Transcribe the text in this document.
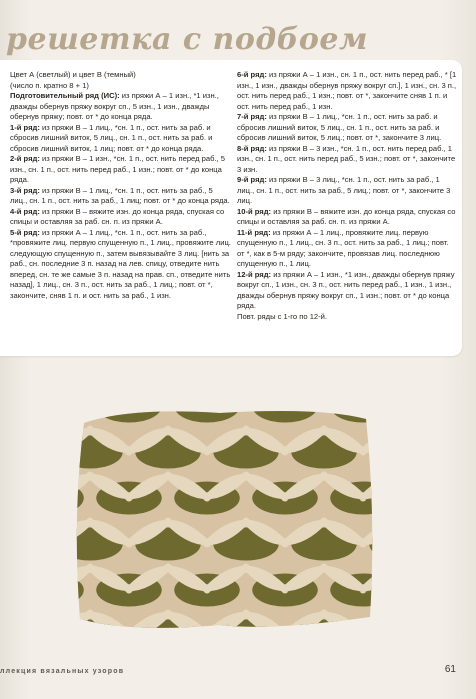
решетка с подбоем

Цвет А (светлый) и цвет В (темный)

(число п. кратно 8 + 1)

Подготовительный ряд (ИС): из пряжи А – 1 изн., *1 изн., дважды обернув пряжу вокруг сп., 5 изн., 1 изн., дважды обернув пряжу; повт. от * до конца ряда.

1-й ряд: из пряжи В – 1 лиц., *сн. 1 п., ост. нить за раб. и сбросив лишний виток, 5 лиц., сн. 1 п., ост. нить за раб. и сбросив лишний виток, 1 лиц; повт. от * до конца ряда.

2-й ряд: из пряжи В – 1 изн., *сн. 1 п., ост. нить перед раб., 5 изн., сн. 1 п., ост. нить перед раб., 1 изн.; повт. от * до конца ряда.

3-й ряд: из пряжи В – 1 лиц., *сн. 1 п., ост. нить за раб., 5 лиц., сн. 1 п., ост. нить за раб., 1 лиц; повт. от * до конца ряда.

4-й ряд: из пряжи В – вяжите изн. до конца ряда, спуская со спицы и оставляя за раб. сн. п. из пряжи А.

5-й ряд: из пряжи А – 1 лиц., *сн. 1 п., ост. нить за раб., *провяжите лиц. первую спущенную п., 1 лиц., провяжите лиц. следующую спущенную п., затем вывязывайте 3 лиц. [нить за раб., сн. последние 3 п. назад на лев. спицу, отведите нить вперед, сн. те же самые 3 п. назад на прав. сп., отведите нить назад], 1 лиц., сн. 3 п., ост. нить за раб., 1 лиц.; повт. от *, закончите, сняв 1 п. и ост. нить за раб., 1 изн.

6-й ряд: из пряжи А – 1 изн., сн. 1 п., ост. нить перед раб., * [1 изн., 1 изн., дважды обернув пряжу вокруг сп.], 1 изн., сн. 3 п., ост. нить перед раб., 1 изн.; повт. от *, закончите сняв 1 п. и ост. нить перед раб., 1 изн.

7-й ряд: из пряжи В – 1 лиц., *сн. 1 п., ост. нить за раб. и сбросив лишний виток, 5 лиц., сн. 1 п., ост. нить за раб. и сбросив лишний виток, 5 лиц.; повт. от *, закончите 3 лиц.

8-й ряд: из пряжи В – 3 изн., *сн. 1 п., ост. нить перед раб., 1 изн., сн. 1 п., ост. нить перед раб., 5 изн.; повт. от *, закончите 3 изн.

9-й ряд: из пряжи В – 3 лиц., *сн. 1 п., ост. нить за раб., 1 лиц., сн. 1 п., ост. нить за раб., 5 лиц.; повт. от *, закончите 3 лиц.

10-й ряд: из пряжи В – вяжите изн. до конца ряда, спуская со спицы и оставляя за раб. сн. п. из пряжи А.

11-й ряд: из пряжи А – 1 лиц., провяжите лиц. первую спущенную п., 1 лиц., сн. 3 п., ост. нить за раб., 1 лиц.; повт. от *, как в 5-м ряду; закончите, провязав лиц. последнюю спущенную п., 1 лиц.

12-й ряд: из пряжи А – 1 изн., *1 изн., дважды обернув пряжу вокруг сп., 1 изн., сн. 3 п., ост. нить перед раб., 1 изн., 1 изн., дважды обернув пряжу вокруг сп., 1 изн.; повт. от * до конца ряда.

Повт. ряды с 1-го по 12-й.

ллекция вязальных узоров	61
